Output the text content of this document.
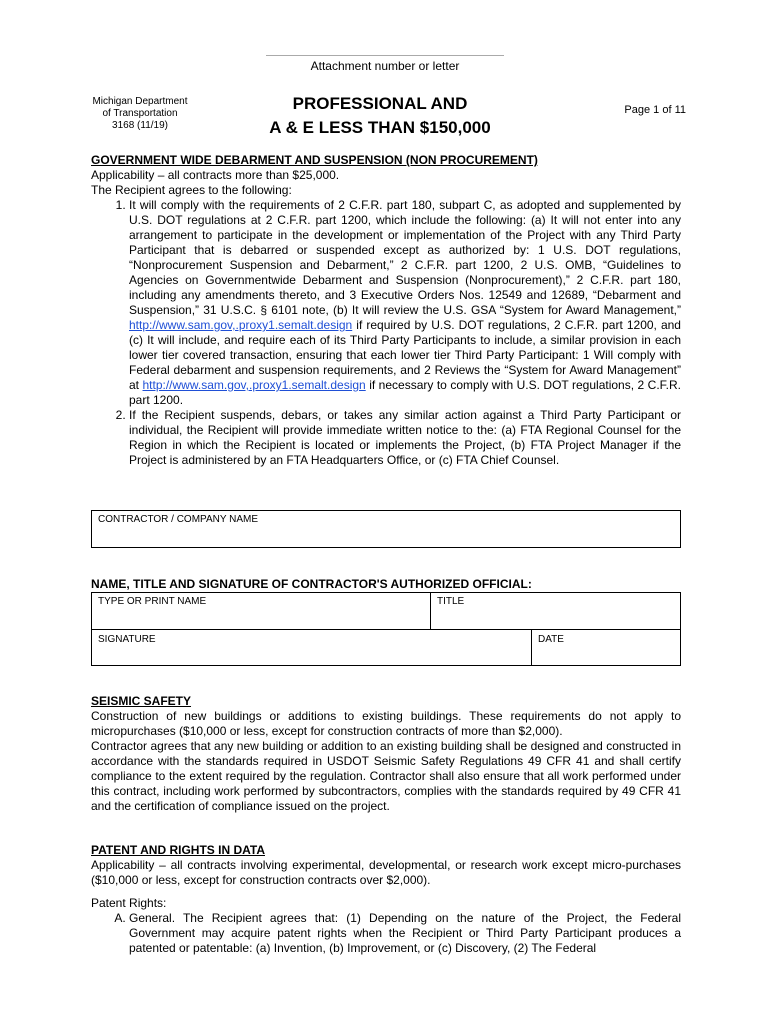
Attachment number or letter
Michigan Department
of Transportation
3168 (11/19)
PROFESSIONAL AND
A & E LESS THAN $150,000
Page 1 of 11

GOVERNMENT WIDE DEBARMENT AND SUSPENSION (NON PROCUREMENT)

Applicability – all contracts more than $25,000.

The Recipient agrees to the following:

1. It will comply with the requirements of 2 C.F.R. part 180, subpart C, as adopted and supplemented by U.S. DOT regulations at 2 C.F.R. part 1200, which include the following: (a) It will not enter into any arrangement to participate in the development or implementation of the Project with any Third Party Participant that is debarred or suspended except as authorized by: 1 U.S. DOT regulations, “Nonprocurement Suspension and Debarment,” 2 C.F.R. part 1200, 2 U.S. OMB, “Guidelines to Agencies on Governmentwide Debarment and Suspension (Nonprocurement),” 2 C.F.R. part 180, including any amendments thereto, and 3 Executive Orders Nos. 12549 and 12689, “Debarment and Suspension,” 31 U.S.C. § 6101 note, (b) It will review the U.S. GSA “System for Award Management,” http://www.sam.gov,.proxy1.semalt.design if required by U.S. DOT regulations, 2 C.F.R. part 1200, and (c) It will include, and require each of its Third Party Participants to include, a similar provision in each lower tier covered transaction, ensuring that each lower tier Third Party Participant: 1 Will comply with Federal debarment and suspension requirements, and 2 Reviews the “System for Award Management” at http://www.sam.gov,.proxy1.semalt.design if necessary to comply with U.S. DOT regulations, 2 C.F.R. part 1200.
2. If the Recipient suspends, debars, or takes any similar action against a Third Party Participant or individual, the Recipient will provide immediate written notice to the: (a) FTA Regional Counsel for the Region in which the Recipient is located or implements the Project, (b) FTA Project Manager if the Project is administered by an FTA Headquarters Office, or (c) FTA Chief Counsel.
CONTRACTOR / COMPANY NAME

NAME, TITLE AND SIGNATURE OF CONTRACTOR'S AUTHORIZED OFFICIAL:

TYPE OR PRINT NAME	TITLE
SIGNATURE	DATE

SEISMIC SAFETY

Construction of new buildings or additions to existing buildings. These requirements do not apply to micropurchases ($10,000 or less, except for construction contracts of more than $2,000).

Contractor agrees that any new building or addition to an existing building shall be designed and constructed in accordance with the standards required in USDOT Seismic Safety Regulations 49 CFR 41 and shall certify compliance to the extent required by the regulation. Contractor shall also ensure that all work performed under this contract, including work performed by subcontractors, complies with the standards required by 49 CFR 41 and the certification of compliance issued on the project.

PATENT AND RIGHTS IN DATA

Applicability – all contracts involving experimental, developmental, or research work except micro-purchases ($10,000 or less, except for construction contracts over $2,000).

Patent Rights:

A. General. The Recipient agrees that: (1) Depending on the nature of the Project, the Federal Government may acquire patent rights when the Recipient or Third Party Participant produces a patented or patentable: (a) Invention, (b) Improvement, or (c) Discovery, (2) The Federal
